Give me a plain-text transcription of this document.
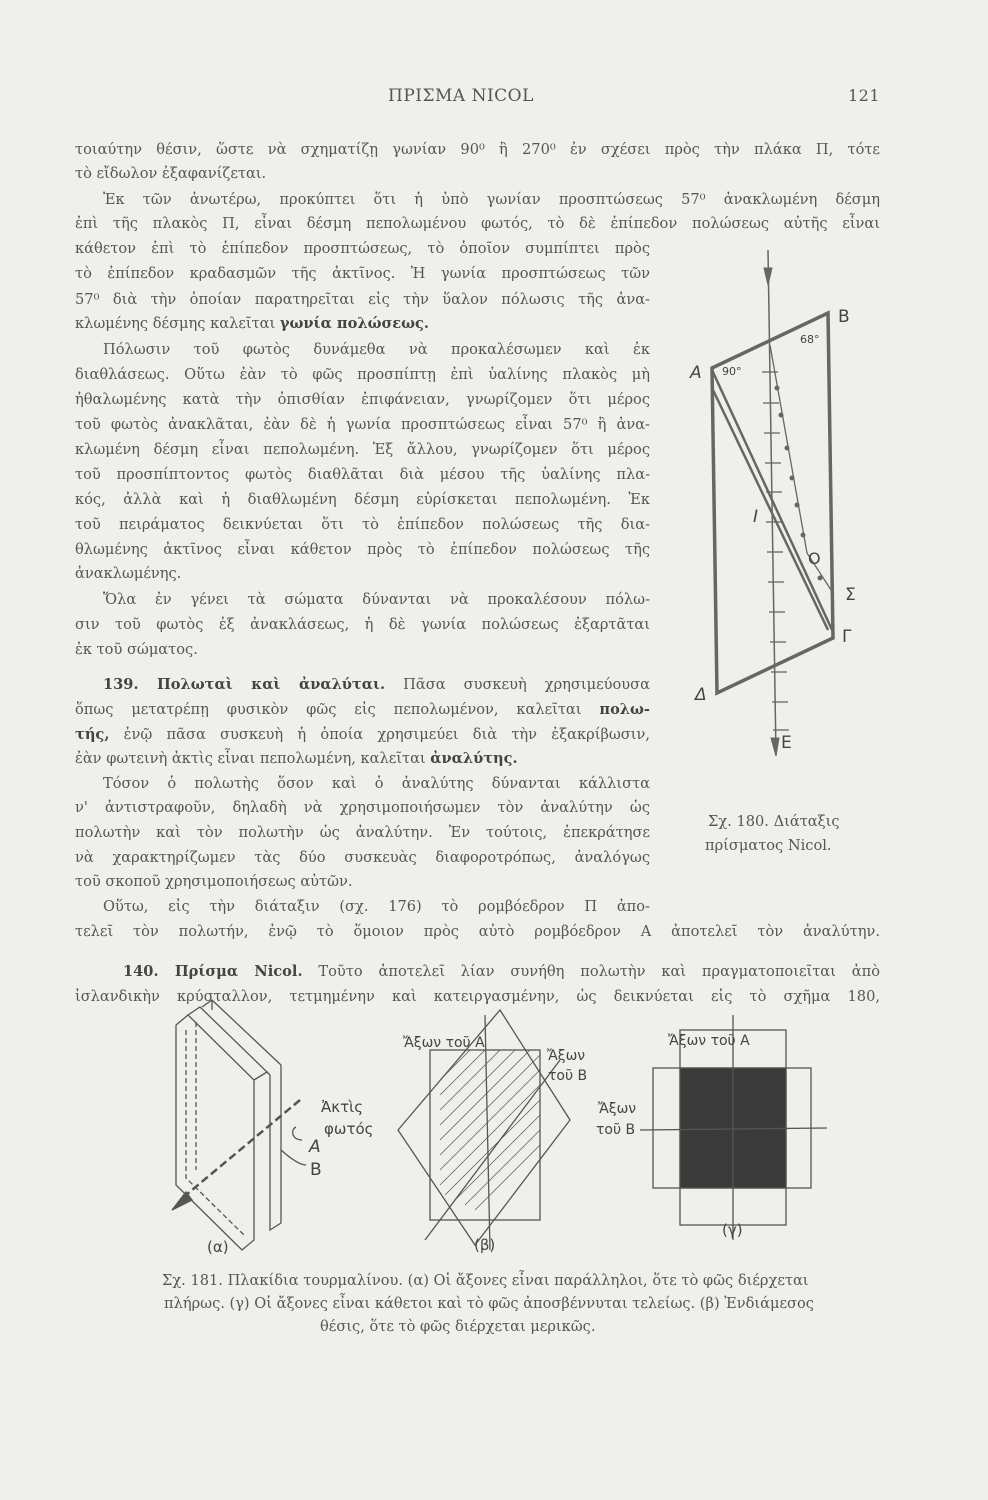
ΠΡΙΣΜΑ NICOL	121
τοιαύτην θέσιν, ὥστε νὰ σχηματίζῃ γωνίαν 90⁰ ἢ 270⁰ ἐν σχέσει πρὸς τὴν πλάκα Π, τότε
τὸ εἴδωλον ἐξαφανίζεται.
Ἐκ τῶν ἀνωτέρω, προκύπτει ὅτι ἡ ὑπὸ γωνίαν προσπτώσεως 57⁰ ἀνακλωμένη δέσμη
ἐπὶ τῆς πλακὸς Π, εἶναι δέσμη πεπολωμένου φωτός, τὸ δὲ ἐπίπεδον πολώσεως αὐτῆς εἶναι
κάθετον ἐπὶ τὸ ἐπίπεδον προσπτώσεως, τὸ ὁποῖον συμπίπτει πρὸς
τὸ ἐπίπεδον κραδασμῶν τῆς ἀκτῖνος. Ἡ γωνία προσπτώσεως τῶν
57⁰ διὰ τὴν ὁποίαν παρατηρεῖται εἰς τὴν ὕαλον πόλωσις τῆς ἀνα-
κλωμένης δέσμης καλεῖται γωνία πολώσεως.
Πόλωσιν τοῦ φωτὸς δυνάμεθα νὰ προκαλέσωμεν καὶ ἐκ
διαθλάσεως. Οὕτω ἐὰν τὸ φῶς προσπίπτῃ ἐπὶ ὑαλίνης πλακὸς μὴ
ἠθαλωμένης κατὰ τὴν ὀπισθίαν ἐπιφάνειαν, γνωρίζομεν ὅτι μέρος
τοῦ φωτὸς ἀνακλᾶται, ἐὰν δὲ ἡ γωνία προσπτώσεως εἶναι 57⁰ ἢ ἀνα-
κλωμένη δέσμη εἶναι πεπολωμένη. Ἐξ ἄλλου, γνωρίζομεν ὅτι μέρος
τοῦ προσπίπτοντος φωτὸς διαθλᾶται διὰ μέσου τῆς ὑαλίνης πλα-
κός, ἀλλὰ καὶ ἡ διαθλωμένη δέσμη εὑρίσκεται πεπολωμένη. Ἐκ
τοῦ πειράματος δεικνύεται ὅτι τὸ ἐπίπεδον πολώσεως τῆς δια-
θλωμένης ἀκτῖνος εἶναι κάθετον πρὸς τὸ ἐπίπεδον πολώσεως τῆς
ἀνακλωμένης.
Ὅλα ἐν γένει τὰ σώματα δύνανται νὰ προκαλέσουν πόλω-
σιν τοῦ φωτὸς ἐξ ἀνακλάσεως, ἡ δὲ γωνία πολώσεως ἐξαρτᾶται
ἐκ τοῦ σώματος.
139. Πολωταὶ καὶ ἀναλύται. Πᾶσα συσκευὴ χρησιμεύουσα
ὅπως μετατρέπῃ φυσικὸν φῶς εἰς πεπολωμένον, καλεῖται πολω-
τής, ἐνῷ πᾶσα συσκευὴ ἡ ὁποία χρησιμεύει διὰ τὴν ἐξακρίβωσιν,
ἐὰν φωτεινὴ ἀκτὶς εἶναι πεπολωμένη, καλεῖται ἀναλύτης.
Τόσον ὁ πολωτὴς ὅσον καὶ ὁ ἀναλύτης δύνανται κάλλιστα
ν' ἀντιστραφοῦν, δηλαδὴ νὰ χρησιμοποιήσωμεν τὸν ἀναλύτην ὡς
πολωτὴν καὶ τὸν πολωτὴν ὡς ἀναλύτην. Ἐν τούτοις, ἐπεκράτησε
νὰ χαρακτηρίζωμεν τὰς δύο συσκευὰς διαφοροτρόπως, ἀναλόγως
τοῦ σκοποῦ χρησιμοποιήσεως αὐτῶν.
Οὕτω, εἰς τὴν διάταξιν (σχ. 176) τὸ ρομβόεδρον Π ἀπο-
τελεῖ τὸν πολωτήν, ἐνῷ τὸ ὅμοιον πρὸς αὐτὸ ρομβόεδρον Α ἀποτελεῖ τὸν ἀναλύτην.
140. Πρίσμα Nicol. Τοῦτο ἀποτελεῖ λίαν συνήθη πολωτὴν καὶ πραγματοποιεῖται ἀπὸ
ἰσλανδικὴν κρύσταλλον, τετμημένην καὶ κατειργασμένην, ὡς δεικνύεται εἰς τὸ σχῆμα 180,
B
68°
A 90°
I
O
Σ
Γ
Δ
E
Σχ. 180. Διάταξις
πρίσματος Nicol.
Ἀκτὶς
φωτός
A
B
(α)
Ἄξων τοῦ A
Ἄξων
τοῦ B
(β)
Ἄξων τοῦ A
Ἄξων
τοῦ B
(γ)
Σχ. 181. Πλακίδια τουρμαλίνου. (α) Οἱ ἄξονες εἶναι παράλληλοι, ὅτε τὸ φῶς διέρχεται
πλήρως. (γ) Οἱ ἄξονες εἶναι κάθετοι καὶ τὸ φῶς ἀποσβέννυται τελείως. (β) Ἐνδιάμεσος
θέσις, ὅτε τὸ φῶς διέρχεται μερικῶς.
